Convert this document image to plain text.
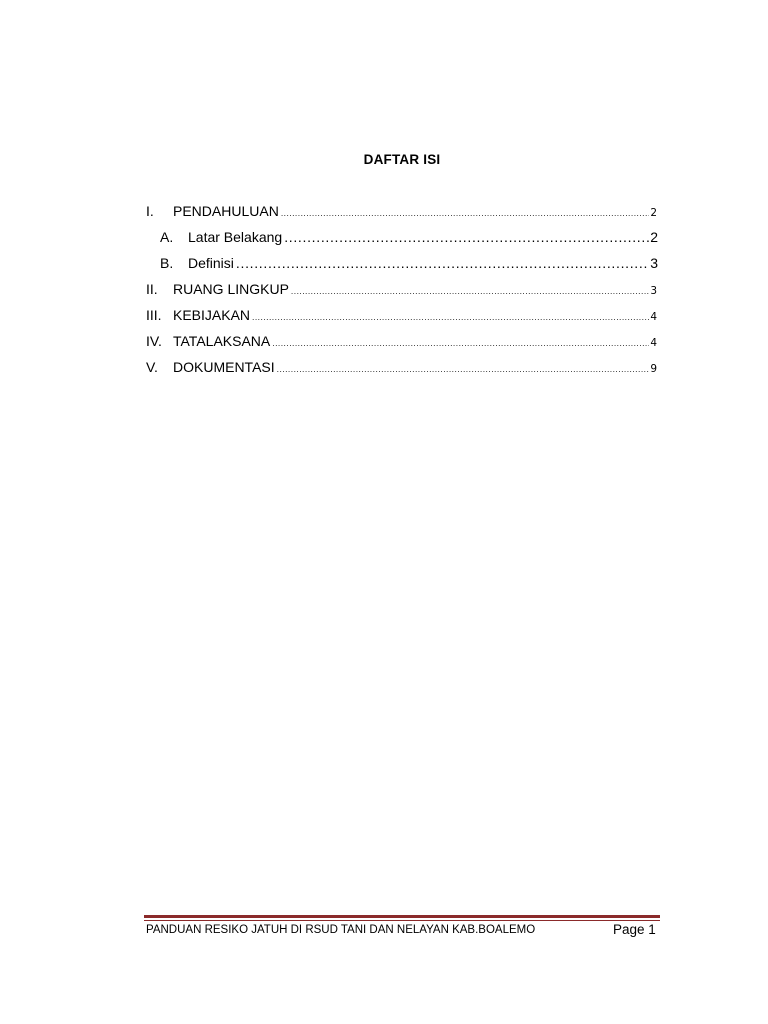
DAFTAR ISI
I.	PENDAHULUAN . . .	2
A.	Latar Belakang . . .	2
B.	Definisi . . .	3
II.	RUANG LINGKUP . . .	3
III. KEBIJAKAN . . .	4
IV. TATALAKSANA . . .	4
V.	DOKUMENTASI . . .	9
PANDUAN RESIKO JATUH DI RSUD TANI DAN NELAYAN KAB.BOALEMO	Page 1
